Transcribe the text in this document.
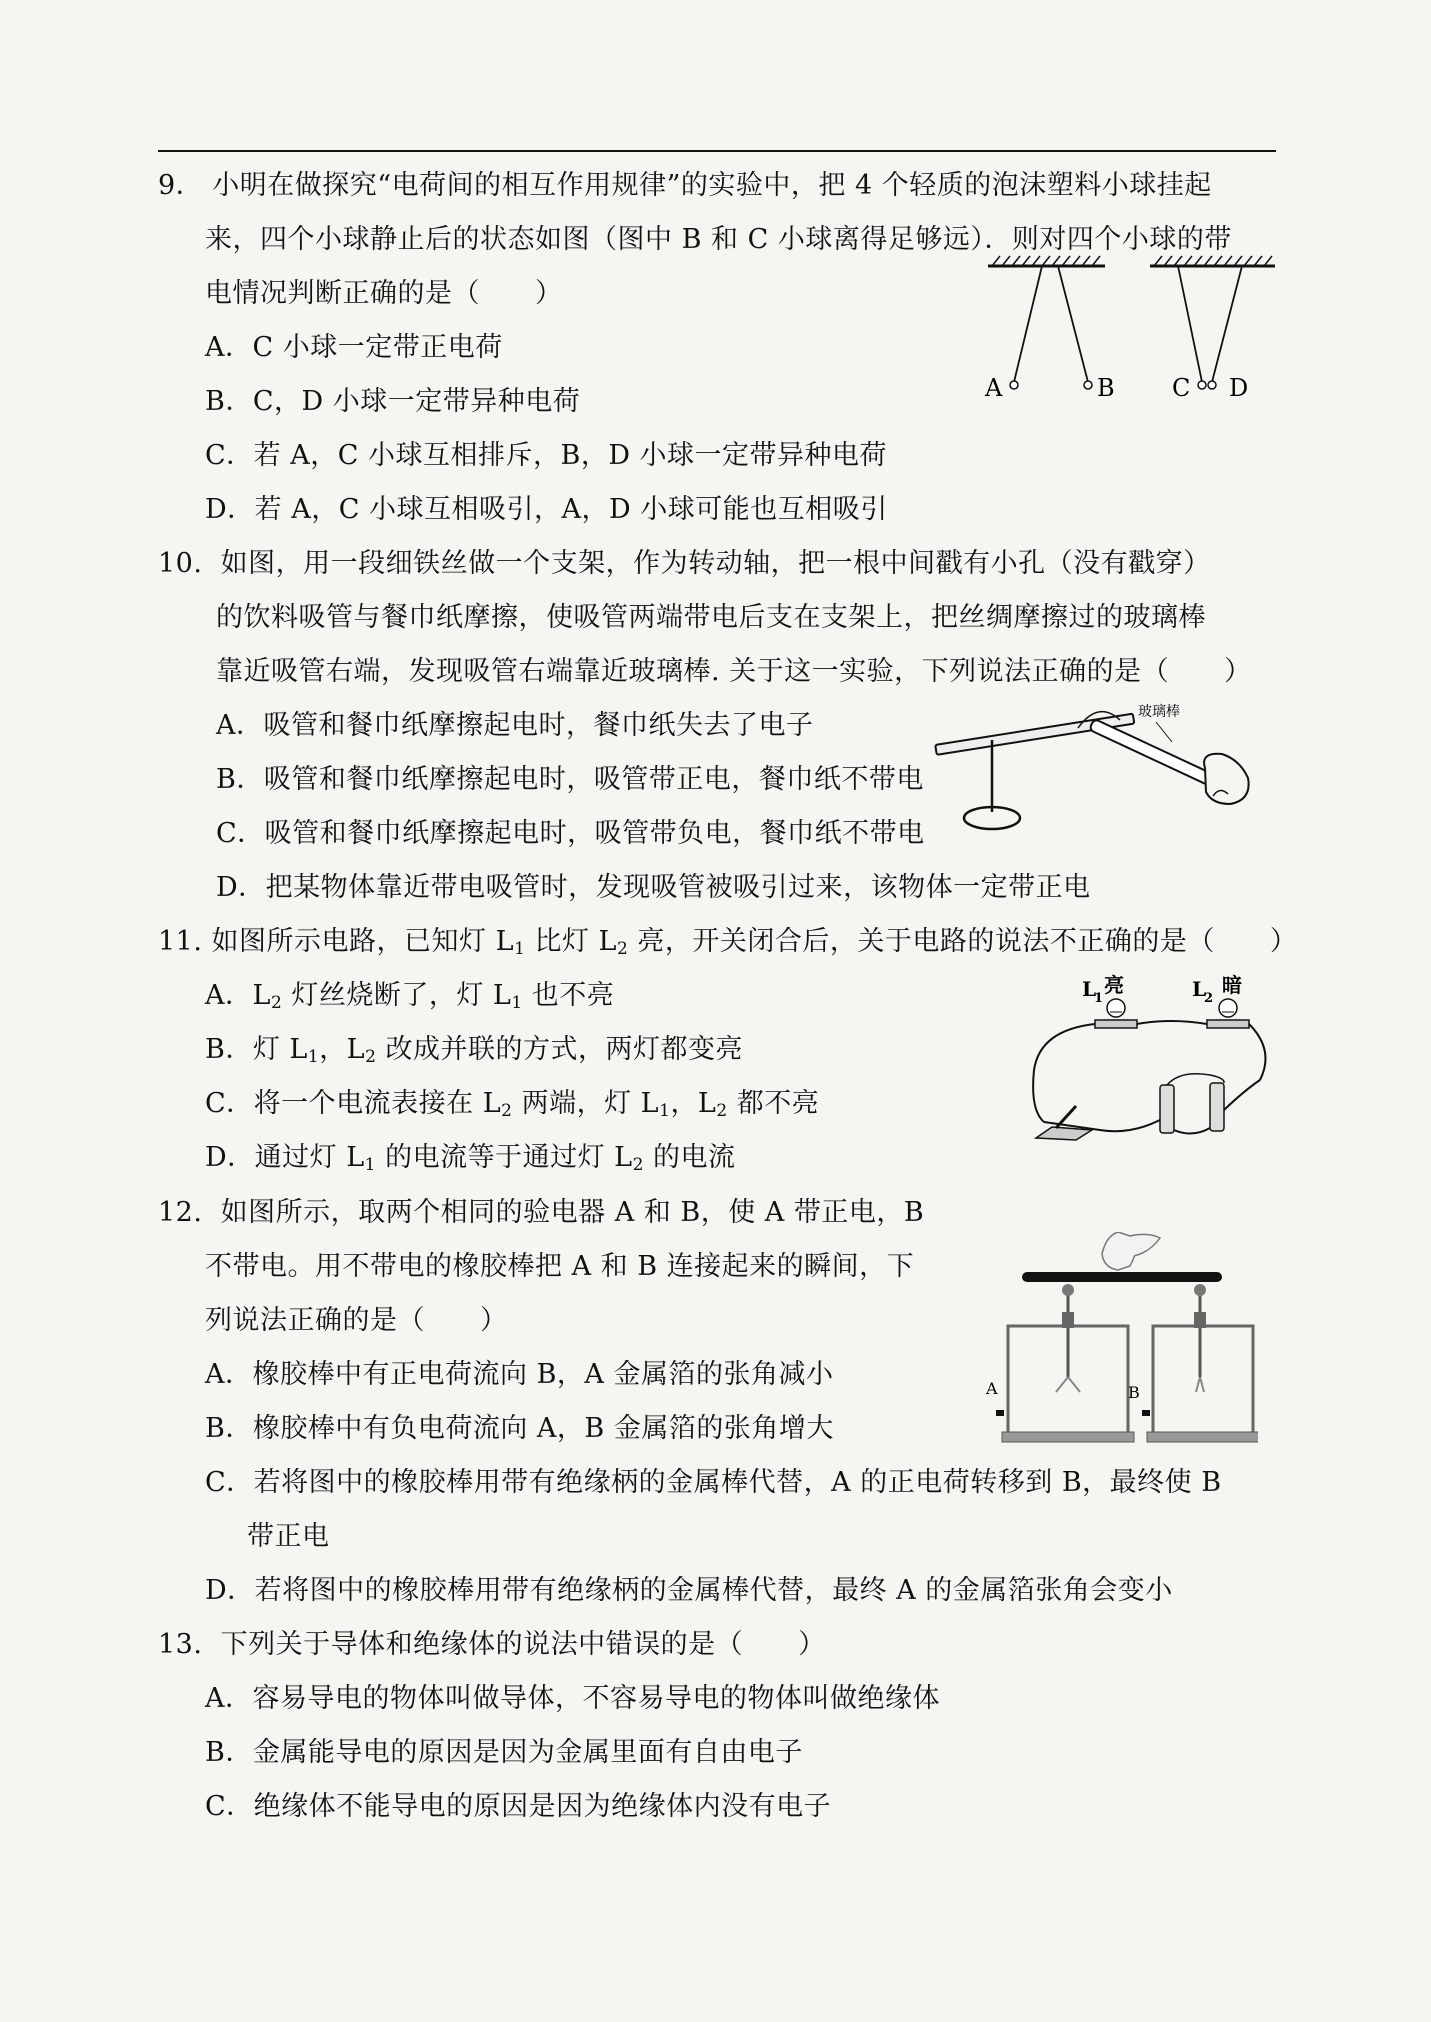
9． 小明在做探究“电荷间的相互作用规律”的实验中，把 4 个轻质的泡沫塑料小球挂起
来，四个小球静止后的状态如图（图中 B 和 C 小球离得足够远）．则对四个小球的带
电情况判断正确的是（　　）
A．C 小球一定带正电荷
B．C，D 小球一定带异种电荷
C．若 A，C 小球互相排斥，B，D 小球一定带异种电荷
D．若 A，C 小球互相吸引，A，D 小球可能也互相吸引
A	B C D
10. 如图，用一段细铁丝做一个支架，作为转动轴，把一根中间戳有小孔（没有戳穿）
的饮料吸管与餐巾纸摩擦，使吸管两端带电后支在支架上，把丝绸摩擦过的玻璃棒
靠近吸管右端，发现吸管右端靠近玻璃棒. 关于这一实验，下列说法正确的是（　　）
A．吸管和餐巾纸摩擦起电时，餐巾纸失去了电子
B．吸管和餐巾纸摩擦起电时，吸管带正电，餐巾纸不带电
C．吸管和餐巾纸摩擦起电时，吸管带负电，餐巾纸不带电
D．把某物体靠近带电吸管时，发现吸管被吸引过来，该物体一定带正电
玻璃棒
11. 如图所示电路，已知灯 $L_1$ 比灯 $L_2$ 亮，开关闭合后，关于电路的说法不正确的是（　　）
A．$L_2$ 灯丝烧断了，灯 $L_1$ 也不亮
B．灯 $L_1$，$L_2$ 改成并联的方式，两灯都变亮
C．将一个电流表接在 $L_2$ 两端，灯 $L_1$，$L_2$ 都不亮
D．通过灯 $L_1$ 的电流等于通过灯 $L_2$ 的电流
L
1
亮	L
2
暗
12. 如图所示，取两个相同的验电器 A 和 B，使 A 带正电，B
不带电。用不带电的橡胶棒把 A 和 B 连接起来的瞬间，下
列说法正确的是（　　）
A．橡胶棒中有正电荷流向 B，A 金属箔的张角减小
B．橡胶棒中有负电荷流向 A，B 金属箔的张角增大
C．若将图中的橡胶棒用带有绝缘柄的金属棒代替，A 的正电荷转移到 B，最终使 B
带正电
D．若将图中的橡胶棒用带有绝缘柄的金属棒代替，最终 A 的金属箔张角会变小
A	B
13. 下列关于导体和绝缘体的说法中错误的是（　　）
A．容易导电的物体叫做导体，不容易导电的物体叫做绝缘体
B．金属能导电的原因是因为金属里面有自由电子
C．绝缘体不能导电的原因是因为绝缘体内没有电子
